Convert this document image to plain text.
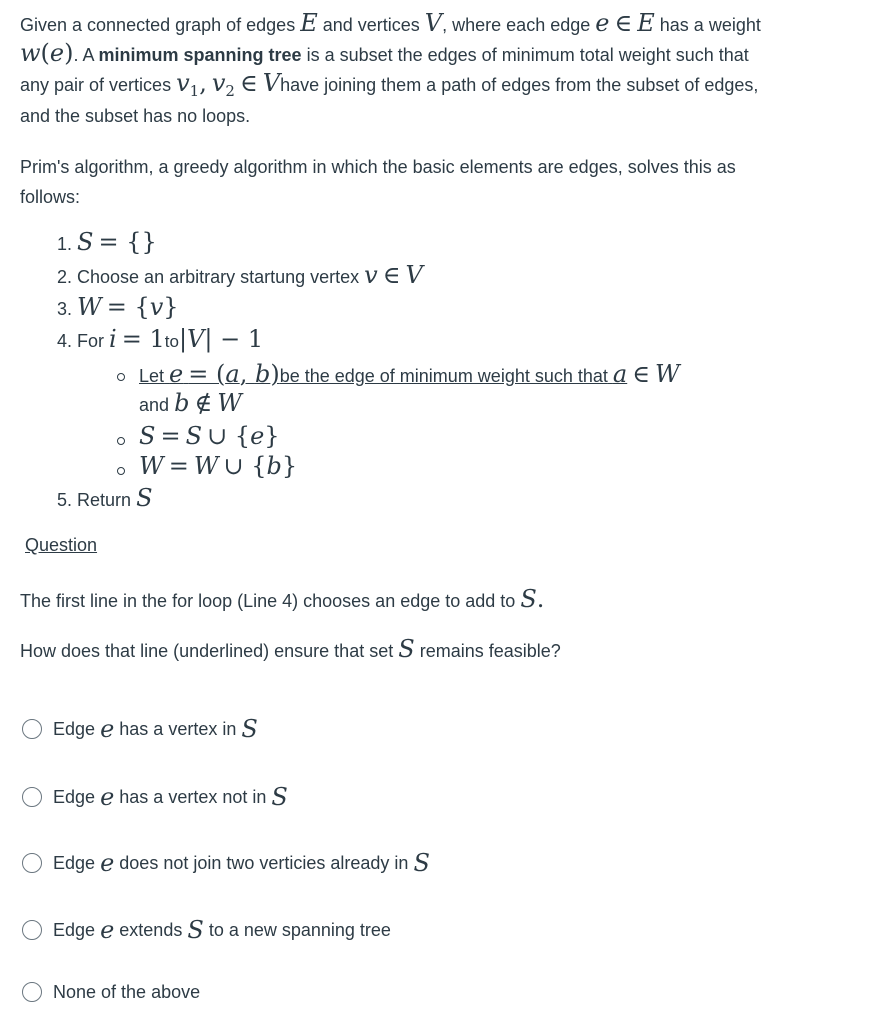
Given a connected graph of edges E and vertices V, where each edge e ∈ E has a weight w(e). A minimum spanning tree is a subset the edges of minimum total weight such that any pair of vertices $v_1$, $v_2$ ∈ Vhave joining them a path of edges from the subset of edges, and the subset has no loops.
Prim's algorithm, a greedy algorithm in which the basic elements are edges, solves this as follows:
1. S = {}
2. Choose an arbitrary startung vertex v ∈ V
3. W = {v}
4. For i = 1to|V| − 1
Let e = (a, b)be the edge of minimum weight such that a ∈ W
and b ∉ W
S = S ∪ {e}
W = W ∪ {b}
5. Return S
Question
The first line in the for loop (Line 4) chooses an edge to add to S.
How does that line (underlined) ensure that set S remains feasible?
Edge
e
has a vertex in
S
Edge
e
has a vertex not in
S
Edge
e
does not join two verticies already in
S
Edge
e
extends
S
to a new spanning tree
None of the above
